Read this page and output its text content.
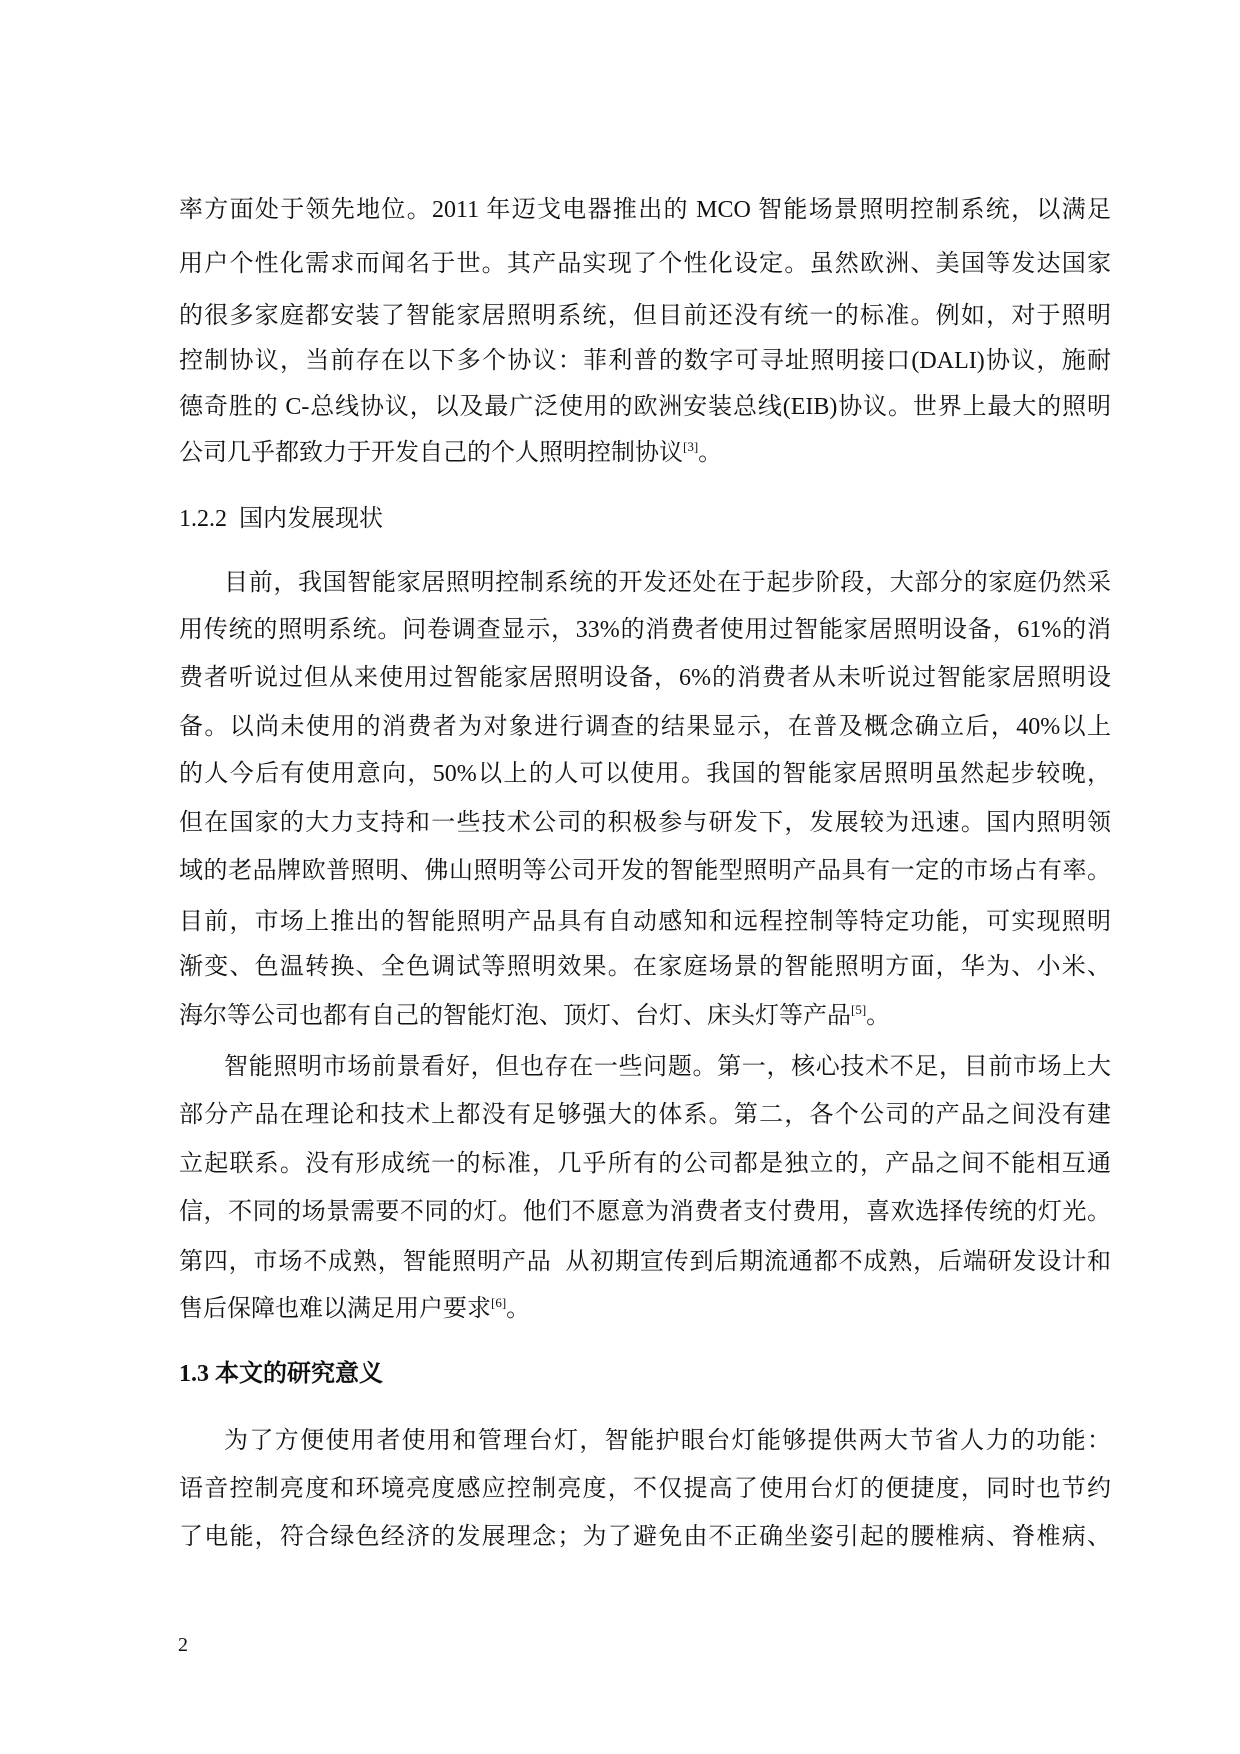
率方面处于领先地位。2011 年迈戈电器推出的 MCO 智能场景照明控制系统，以满足
用户个性化需求而闻名于世。其产品实现了个性化设定。虽然欧洲、美国等发达国家
的很多家庭都安装了智能家居照明系统，但目前还没有统一的标准。例如，对于照明
控制协议，当前存在以下多个协议：菲利普的数字可寻址照明接口(DALI)协议，施耐
德奇胜的 C-总线协议，以及最广泛使用的欧洲安装总线(EIB)协议。世界上最大的照明
公司几乎都致力于开发自己的个人照明控制协议[3]。
1.2.2  国内发展现状
目前，我国智能家居照明控制系统的开发还处在于起步阶段，大部分的家庭仍然采
用传统的照明系统。问卷调查显示，33%的消费者使用过智能家居照明设备，61%的消
费者听说过但从来使用过智能家居照明设备，6%的消费者从未听说过智能家居照明设
备。以尚未使用的消费者为对象进行调查的结果显示，在普及概念确立后，40%以上
的人今后有使用意向，50%以上的人可以使用。我国的智能家居照明虽然起步较晚，
但在国家的大力支持和一些技术公司的积极参与研发下，发展较为迅速。国内照明领
域的老品牌欧普照明、佛山照明等公司开发的智能型照明产品具有一定的市场占有率。
目前，市场上推出的智能照明产品具有自动感知和远程控制等特定功能，可实现照明
渐变、色温转换、全色调试等照明效果。在家庭场景的智能照明方面，华为、小米、
海尔等公司也都有自己的智能灯泡、顶灯、台灯、床头灯等产品[5]。
智能照明市场前景看好，但也存在一些问题。第一，核心技术不足，目前市场上大
部分产品在理论和技术上都没有足够强大的体系。第二，各个公司的产品之间没有建
立起联系。没有形成统一的标准，几乎所有的公司都是独立的，产品之间不能相互通
信，不同的场景需要不同的灯。他们不愿意为消费者支付费用，喜欢选择传统的灯光。
第四，市场不成熟，智能照明产品  从初期宣传到后期流通都不成熟，后端研发设计和
售后保障也难以满足用户要求[6]。
1.3 本文的研究意义
为了方便使用者使用和管理台灯，智能护眼台灯能够提供两大节省人力的功能：
语音控制亮度和环境亮度感应控制亮度，不仅提高了使用台灯的便捷度，同时也节约
了电能，符合绿色经济的发展理念；为了避免由不正确坐姿引起的腰椎病、脊椎病、
2
